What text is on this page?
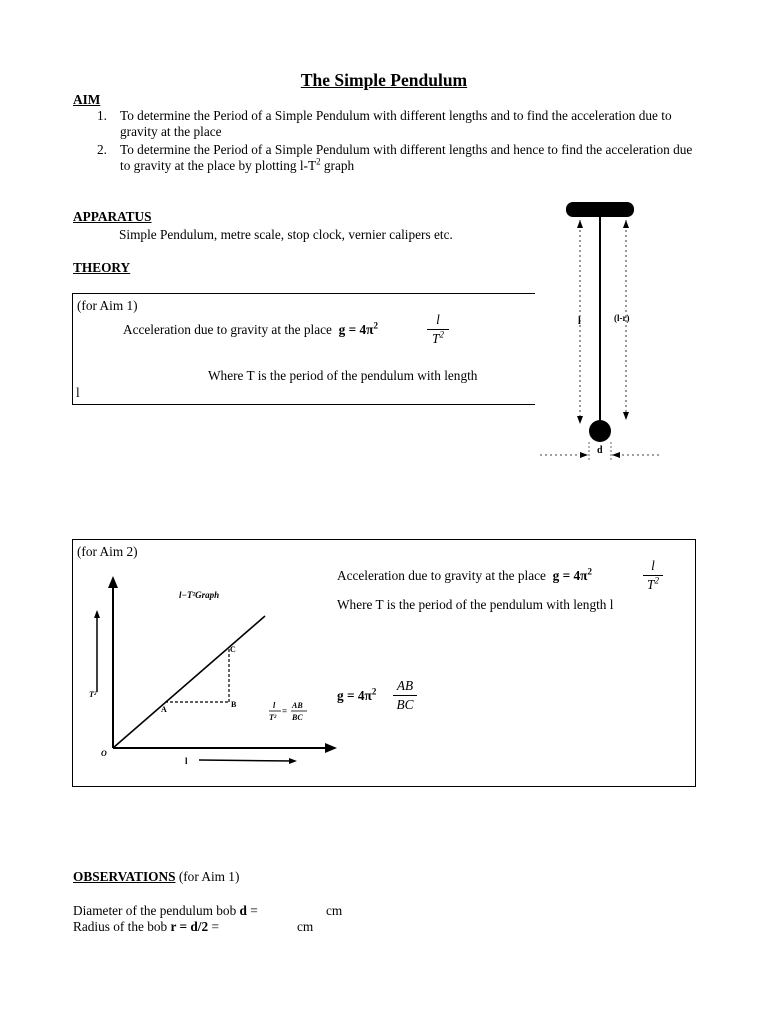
The Simple Pendulum
AIM
1. To determine the Period of a Simple Pendulum with different lengths and to find the acceleration due to gravity at the place
2. To determine the Period of a Simple Pendulum with different lengths and hence to find the acceleration due to gravity at the place by plotting $l-T^2$ graph
APPARATUS
Simple Pendulum, metre scale, stop clock, vernier calipers etc.
THEORY
(for Aim 1)
Acceleration due to gravity at the place $g = 4\pi^2$	l
$T^2$
Where T is the period of the pendulum with length
l
l	(l-r)
d
(for Aim 2)
l−T²Graph
T²
A
B
C
O
l
l
T²
=
AB
BC
Acceleration due to gravity at the place $g = 4\pi^2$	l
$T^2$
Where T is the period of the pendulum with length l
$g = 4\pi^2$ AB
BC
OBSERVATIONS (for Aim 1)
Diameter of the pendulum bob d =	cm
Radius of the bob r = d/2 =	cm
